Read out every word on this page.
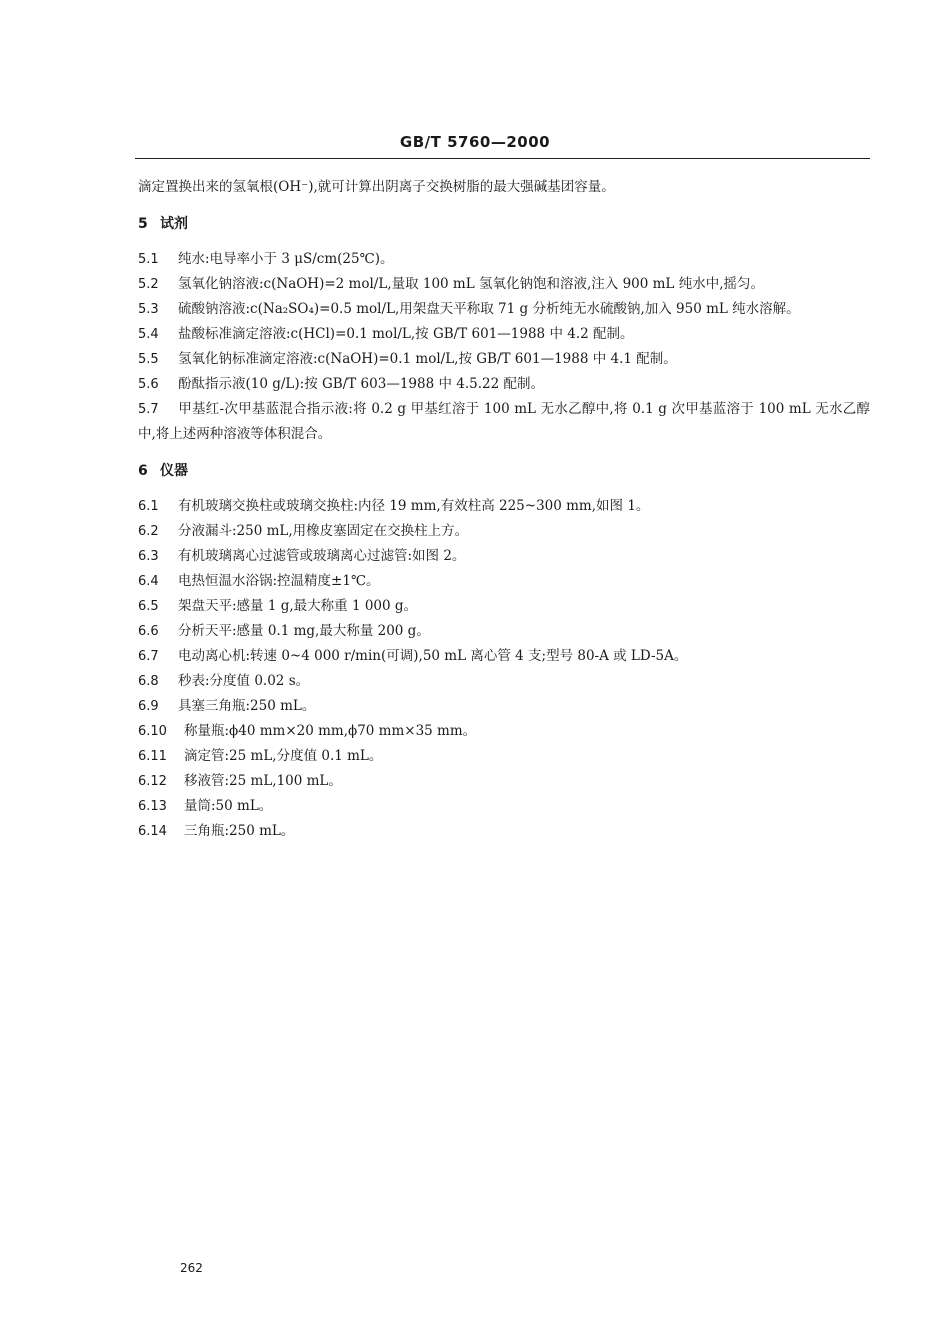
GB/T 5760—2000

滴定置换出来的氢氧根(OH⁻),就可计算出阴离子交换树脂的最大强碱基团容量。

5 试剂

5.1 纯水:电导率小于 3 μS/cm(25℃)。

5.2 氢氧化钠溶液:c(NaOH)=2 mol/L,量取 100 mL 氢氧化钠饱和溶液,注入 900 mL 纯水中,摇匀。

5.3 硫酸钠溶液:c(Na₂SO₄)=0.5 mol/L,用架盘天平称取 71 g 分析纯无水硫酸钠,加入 950 mL 纯水溶解。

5.4 盐酸标准滴定溶液:c(HCl)=0.1 mol/L,按 GB/T 601—1988 中 4.2 配制。

5.5 氢氧化钠标准滴定溶液:c(NaOH)=0.1 mol/L,按 GB/T 601—1988 中 4.1 配制。

5.6 酚酞指示液(10 g/L):按 GB/T 603—1988 中 4.5.22 配制。

5.7 甲基红-次甲基蓝混合指示液:将 0.2 g 甲基红溶于 100 mL 无水乙醇中,将 0.1 g 次甲基蓝溶于 100 mL 无水乙醇中,将上述两种溶液等体积混合。

6 仪器

6.1 有机玻璃交换柱或玻璃交换柱:内径 19 mm,有效柱高 225~300 mm,如图 1。

6.2 分液漏斗:250 mL,用橡皮塞固定在交换柱上方。

6.3 有机玻璃离心过滤管或玻璃离心过滤管:如图 2。

6.4 电热恒温水浴锅:控温精度±1℃。

6.5 架盘天平:感量 1 g,最大称重 1 000 g。

6.6 分析天平:感量 0.1 mg,最大称量 200 g。

6.7 电动离心机:转速 0~4 000 r/min(可调),50 mL 离心管 4 支;型号 80-A 或 LD-5A。

6.8 秒表:分度值 0.02 s。

6.9 具塞三角瓶:250 mL。

6.10 称量瓶:ϕ40 mm×20 mm,ϕ70 mm×35 mm。

6.11 滴定管:25 mL,分度值 0.1 mL。

6.12 移液管:25 mL,100 mL。

6.13 量筒:50 mL。

6.14 三角瓶:250 mL。

262
